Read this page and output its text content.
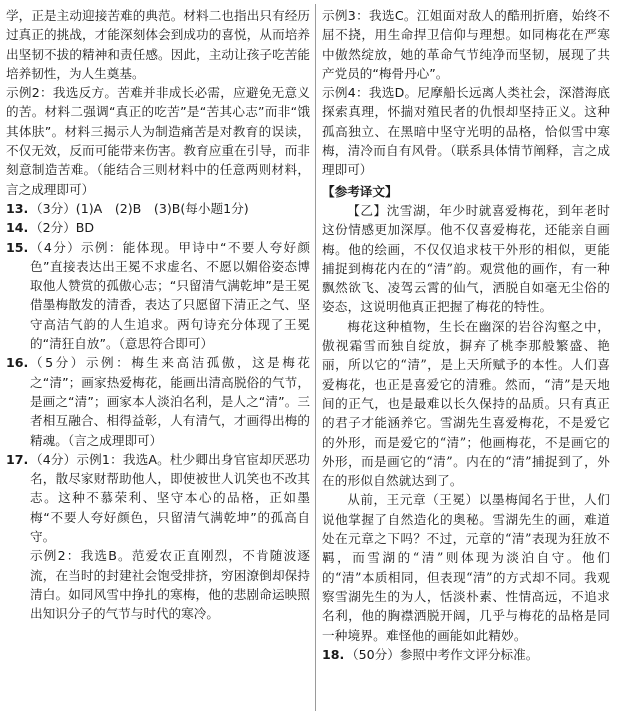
学，正是主动迎接苦难的典范。材料二也指出只有经历过真正的挑战，才能深刻体会到成功的喜悦，从而培养出坚韧不拔的精神和责任感。因此，主动让孩子吃苦能培养韧性，为人生奠基。

示例2：我选反方。苦难并非成长必需，应避免无意义的苦。材料二强调“真正的吃苦”是“苦其心志”而非“饿其体肤”。材料三揭示人为制造痛苦是对教育的误读，不仅无效，反而可能带来伤害。教育应重在引导，而非刻意制造苦难。（能结合三则材料中的任意两则材料，言之成理即可）

13. （3分）(1)A　(2)B　(3)B(每小题1分)
14. （2分）BD
15. （4分）示例：能体现。甲诗中“不要人夸好颜色”直接表达出王冕不求虚名、不愿以媚俗姿态博取他人赞赏的孤傲心志；“只留清气满乾坤”是王冕借墨梅散发的清香，表达了只愿留下清正之气、坚守高洁气韵的人生追求。两句诗充分体现了王冕的“清狂自放”。（意思符合即可）
16. （5分）示例：梅生来高洁孤傲，这是梅花之“清”；画家热爱梅花，能画出清高脱俗的气节，是画之“清”；画家本人淡泊名利，是人之“清”。三者相互融合、相得益彰，人有清气，才画得出梅的精魂。（言之成理即可）
17. （4分）示例1：我选A。杜少卿出身官宦却厌恶功名，散尽家财帮助他人，即使被世人讥笑也不改其志。这种不慕荣利、坚守本心的品格，正如墨梅“不要人夸好颜色，只留清气满乾坤”的孤高自守。
示例2：我选B。范爱农正直刚烈，不肯随波逐流，在当时的封建社会饱受排挤，穷困潦倒却保持清白。如同风雪中挣扎的寒梅，他的悲剧命运映照出知识分子的气节与时代的寒冷。

示例3：我选C。江姐面对敌人的酷刑折磨，始终不屈不挠，用生命捍卫信仰与理想。如同梅花在严寒中傲然绽放，她的革命气节纯净而坚韧，展现了共产党员的“梅骨丹心”。

示例4：我选D。尼摩船长远离人类社会，深潜海底探索真理，怀揣对殖民者的仇恨却坚持正义。这种孤高独立、在黑暗中坚守光明的品格，恰似雪中寒梅，清冷而自有风骨。（联系具体情节阐释，言之成理即可）

【参考译文】

【乙】沈雪湖，年少时就喜爱梅花，到年老时这份情感更加深厚。他不仅喜爱梅花，还能亲自画梅。他的绘画，不仅仅追求枝干外形的相似，更能捕捉到梅花内在的“清”韵。观赏他的画作，有一种飘然欲飞、凌驾云霄的仙气，洒脱自如毫无尘俗的姿态，这说明他真正把握了梅花的特性。

梅花这种植物，生长在幽深的岩谷沟壑之中，傲视霜雪而独自绽放，摒弃了桃李那般繁盛、艳丽，所以它的“清”，是上天所赋予的本性。人们喜爱梅花，也正是喜爱它的清雅。然而，“清”是天地间的正气，也是最难以长久保持的品质。只有真正的君子才能涵养它。雪湖先生喜爱梅花，不是爱它的外形，而是爱它的“清”；他画梅花，不是画它的外形，而是画它的“清”。内在的“清”捕捉到了，外在的形似自然就达到了。

从前，王元章（王冕）以墨梅闻名于世，人们说他掌握了自然造化的奥秘。雪湖先生的画，难道处在元章之下吗？不过，元章的“清”表现为狂放不羁，而雪湖的“清”则体现为淡泊自守。他们的“清”本质相同，但表现“清”的方式却不同。我观察雪湖先生的为人，恬淡朴素、性情高远，不追求名利，他的胸襟洒脱开阔，几乎与梅花的品格是同一种境界。难怪他的画能如此精妙。

18. （50分）参照中考作文评分标准。
